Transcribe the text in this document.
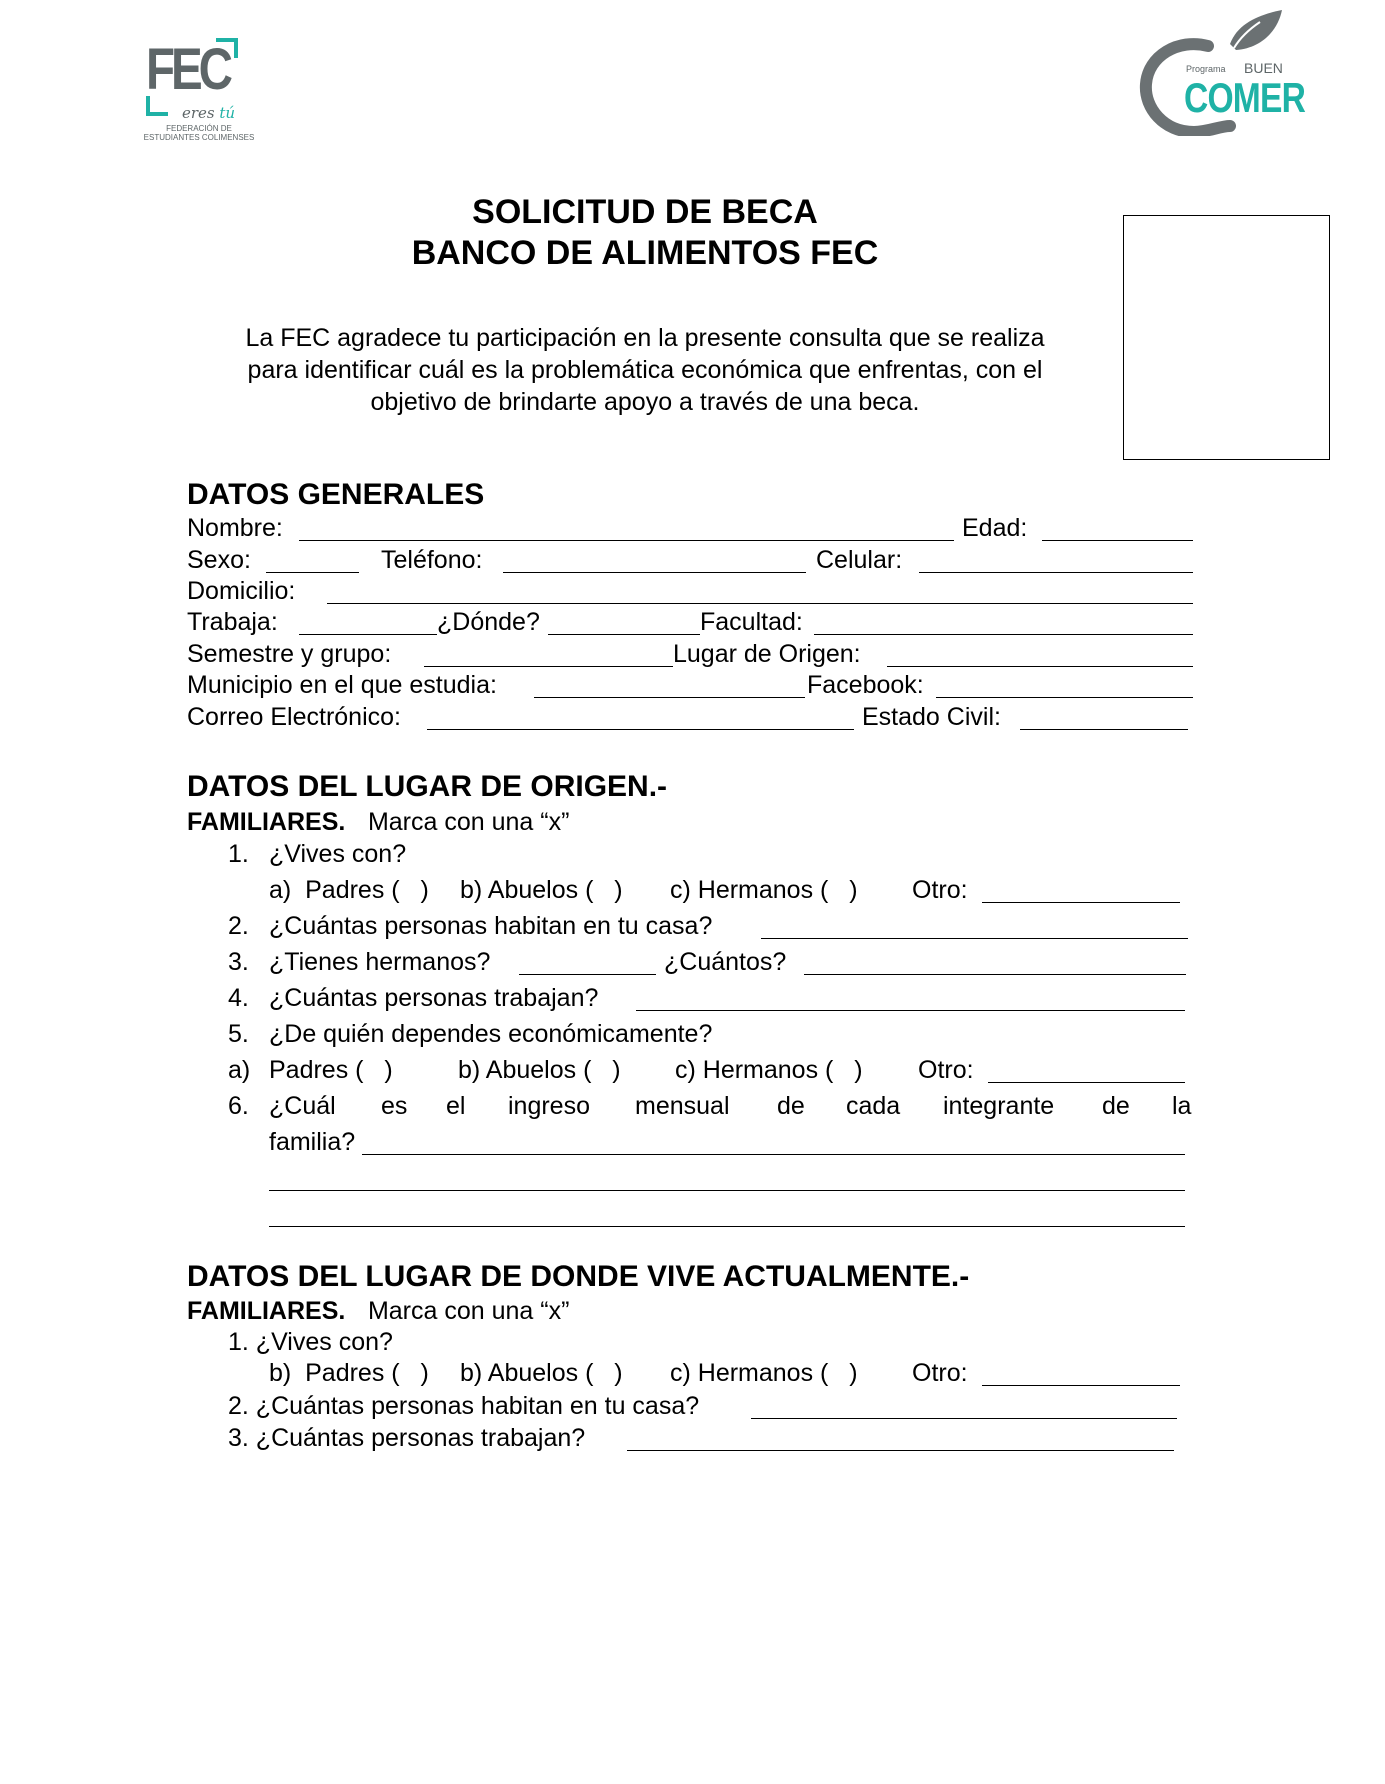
FEC
eres tú
FEDERACIÓN DE
ESTUDIANTES COLIMENSES
Programa BUEN
COMER
SOLICITUD DE BECA
BANCO DE ALIMENTOS FEC
La FEC agradece tu participación en la presente consulta que se realiza
para identificar cuál es la problemática económica que enfrentas, con el
objetivo de brindarte apoyo a través de una beca.
DATOS GENERALES
Nombre:	Edad:
Sexo:	Teléfono:	Celular:
Domicilio:
Trabaja:	¿Dónde?	Facultad:
Semestre y grupo:	Lugar de Origen:
Municipio en el que estudia:	Facebook:
Correo Electrónico:	Estado Civil:
DATOS DEL LUGAR DE ORIGEN.-
FAMILIARES. Marca con una “x”
1. ¿Vives con?
a)  Padres (   ) b) Abuelos (   ) c) Hermanos (   ) Otro:
2. ¿Cuántas personas habitan en tu casa?
3. ¿Tienes hermanos?	¿Cuántos?
4. ¿Cuántas personas trabajan?
5. ¿De quién dependes económicamente?
a) Padres (   )	b) Abuelos (   ) c) Hermanos (   ) Otro:
6. ¿Cuál es el ingreso mensual de cada integrante de la
familia?
DATOS DEL LUGAR DE DONDE VIVE ACTUALMENTE.-
FAMILIARES. Marca con una “x”
1. ¿Vives con?
b)  Padres (   ) b) Abuelos (   ) c) Hermanos (   ) Otro:
2. ¿Cuántas personas habitan en tu casa?
3. ¿Cuántas personas trabajan?
